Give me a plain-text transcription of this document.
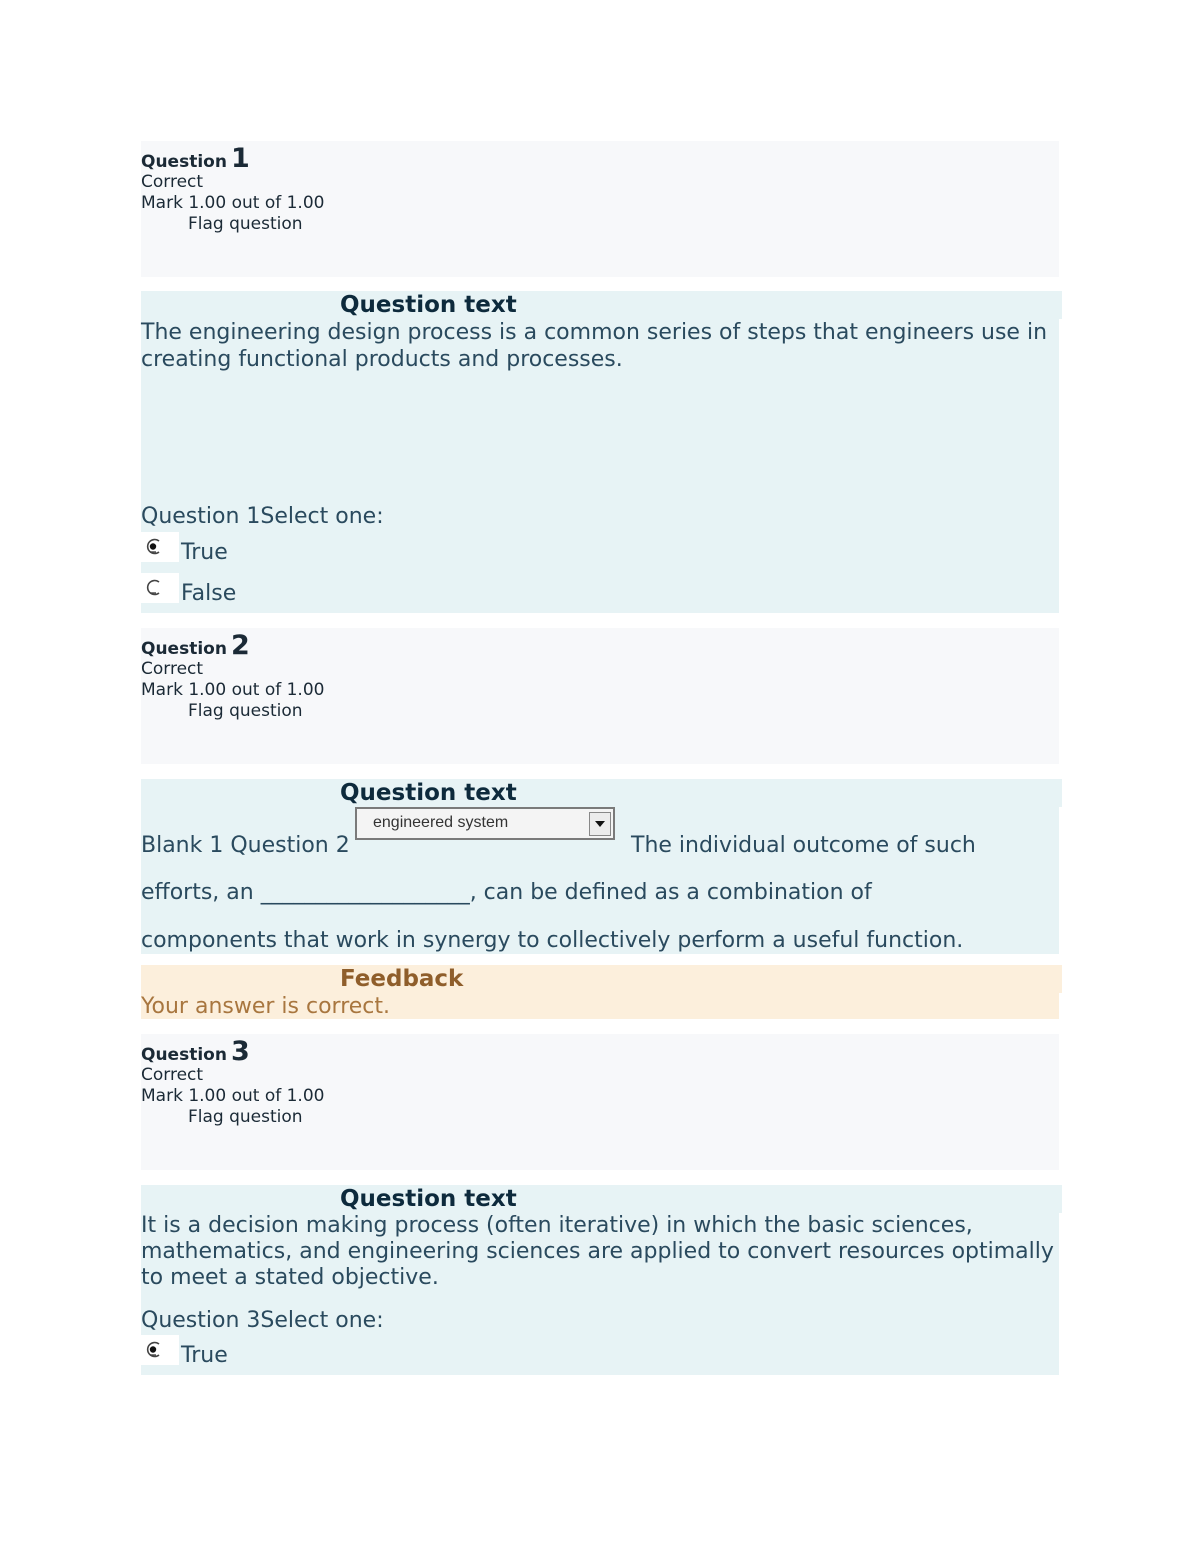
Question 1
Correct
Mark 1.00 out of 1.00
Flag question
Question text
The engineering design process is a common series of steps that engineers use in creating functional products and processes.
Question 1Select one:
True
False
Question 2
Correct
Mark 1.00 out of 1.00
Flag question
Question text
Blank 1 Question 2	The individual outcome of such
efforts, an ___________________, can be defined as a combination of
components that work in synergy to collectively perform a useful function.
engineered system
Feedback
Your answer is correct.
Question 3
Correct
Mark 1.00 out of 1.00
Flag question
Question text
It is a decision making process (often iterative) in which the basic sciences, mathematics, and engineering sciences are applied to convert resources optimally to meet a stated objective.
Question 3Select one:
True
